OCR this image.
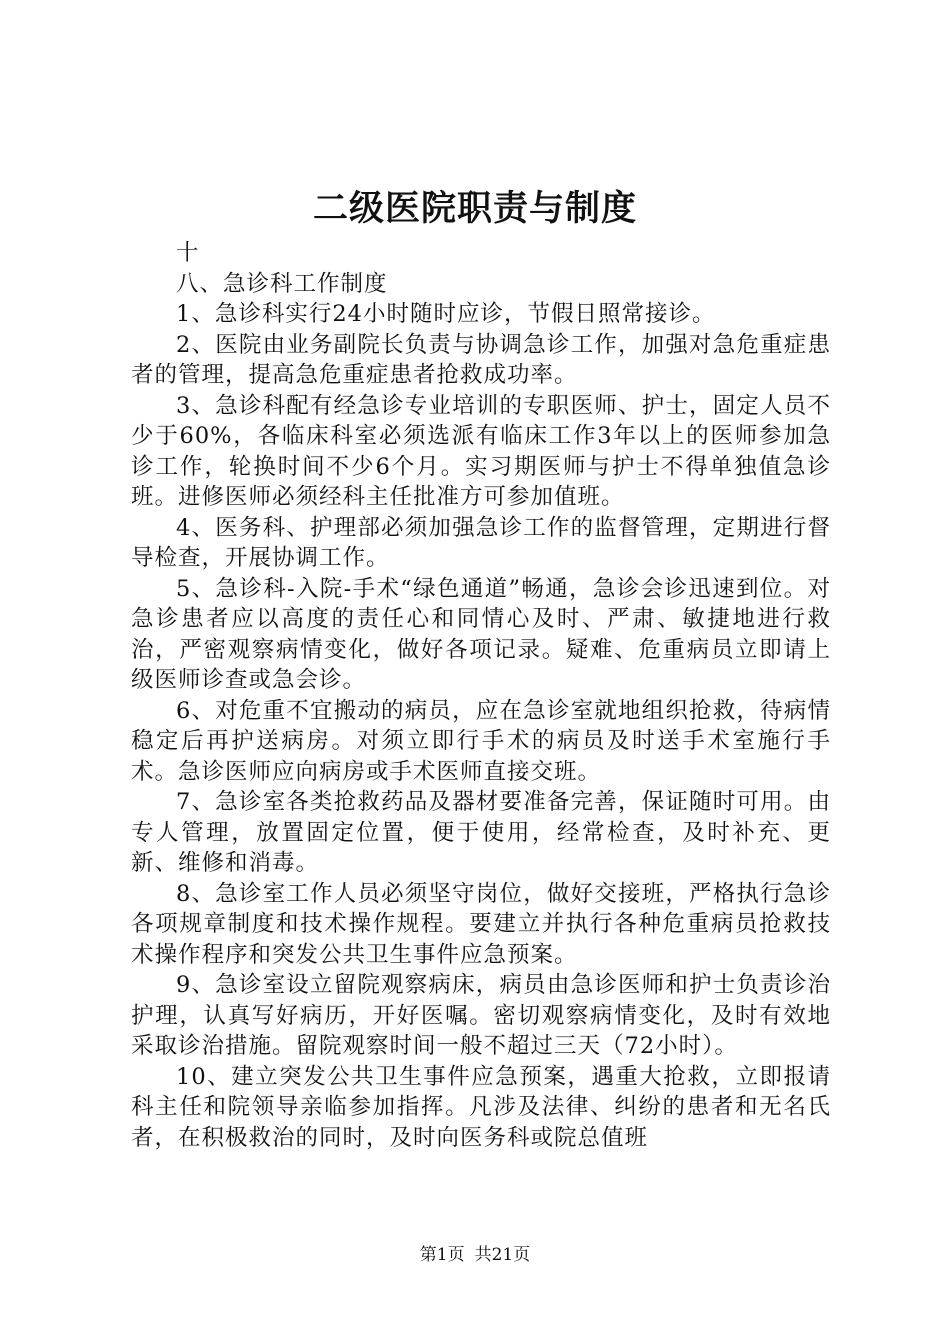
二级医院职责与制度

十

八、急诊科工作制度

1、急诊科实行24小时随时应诊，节假日照常接诊。

2、医院由业务副院长负责与协调急诊工作，加强对急危重症患者的管理，提高急危重症患者抢救成功率。

3、急诊科配有经急诊专业培训的专职医师、护士，固定人员不少于60%，各临床科室必须选派有临床工作3年以上的医师参加急诊工作，轮换时间不少6个月。实习期医师与护士不得单独值急诊班。进修医师必须经科主任批准方可参加值班。

4、医务科、护理部必须加强急诊工作的监督管理，定期进行督导检查，开展协调工作。

5、急诊科-入院-手术“绿色通道”畅通，急诊会诊迅速到位。对急诊患者应以高度的责任心和同情心及时、严肃、敏捷地进行救治，严密观察病情变化，做好各项记录。疑难、危重病员立即请上级医师诊查或急会诊。

6、对危重不宜搬动的病员，应在急诊室就地组织抢救，待病情稳定后再护送病房。对须立即行手术的病员及时送手术室施行手术。急诊医师应向病房或手术医师直接交班。

7、急诊室各类抢救药品及器材要准备完善，保证随时可用。由专人管理，放置固定位置，便于使用，经常检查，及时补充、更新、维修和消毒。

8、急诊室工作人员必须坚守岗位，做好交接班，严格执行急诊各项规章制度和技术操作规程。要建立并执行各种危重病员抢救技术操作程序和突发公共卫生事件应急预案。

9、急诊室设立留院观察病床，病员由急诊医师和护士负责诊治护理，认真写好病历，开好医嘱。密切观察病情变化，及时有效地采取诊治措施。留院观察时间一般不超过三天（72小时）。

10、建立突发公共卫生事件应急预案，遇重大抢救，立即报请科主任和院领导亲临参加指挥。凡涉及法律、纠纷的患者和无名氏者，在积极救治的同时，及时向医务科或院总值班

第1页 共21页
